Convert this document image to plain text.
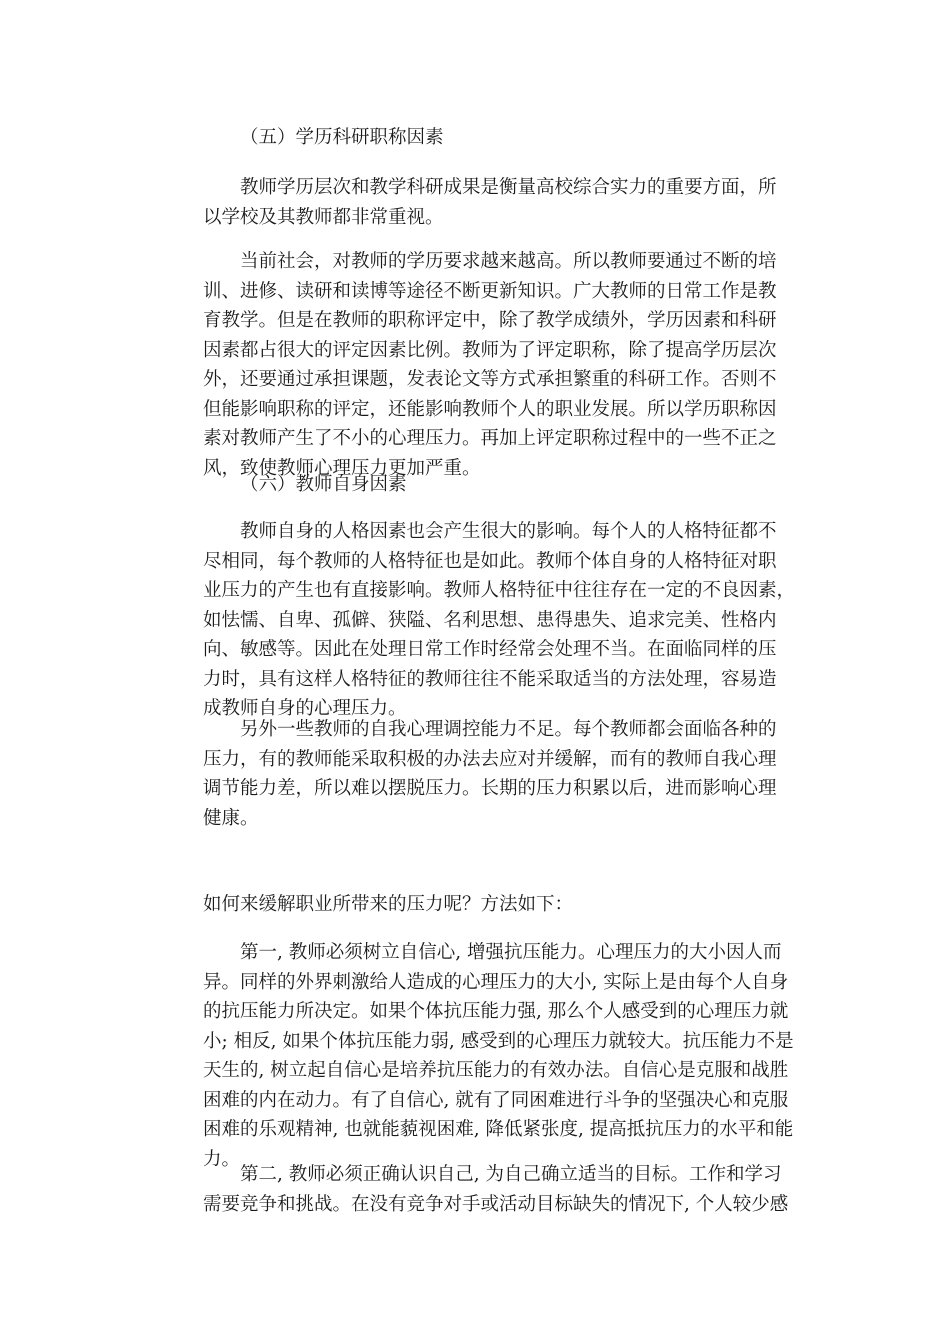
（五）学历科研职称因素

教师学历层次和教学科研成果是衡量高校综合实力的重要方面，所
以学校及其教师都非常重视。

当前社会，对教师的学历要求越来越高。所以教师要通过不断的培
训、进修、读研和读博等途径不断更新知识。广大教师的日常工作是教
育教学。但是在教师的职称评定中，除了教学成绩外，学历因素和科研
因素都占很大的评定因素比例。教师为了评定职称，除了提高学历层次
外，还要通过承担课题，发表论文等方式承担繁重的科研工作。否则不
但能影响职称的评定，还能影响教师个人的职业发展。所以学历职称因
素对教师产生了不小的心理压力。再加上评定职称过程中的一些不正之
风，致使教师心理压力更加严重。

（六）教师自身因素

教师自身的人格因素也会产生很大的影响。每个人的人格特征都不
尽相同，每个教师的人格特征也是如此。教师个体自身的人格特征对职
业压力的产生也有直接影响。教师人格特征中往往存在一定的不良因素，
如怯懦、自卑、孤僻、狭隘、名利思想、患得患失、追求完美、性格内
向、敏感等。因此在处理日常工作时经常会处理不当。在面临同样的压
力时，具有这样人格特征的教师往往不能采取适当的方法处理，容易造
成教师自身的心理压力。

另外一些教师的自我心理调控能力不足。每个教师都会面临各种的
压力，有的教师能采取积极的办法去应对并缓解，而有的教师自我心理
调节能力差，所以难以摆脱压力。长期的压力积累以后，进而影响心理
健康。

如何来缓解职业所带来的压力呢？方法如下：

第一, 教师必须树立自信心, 增强抗压能力。心理压力的大小因人而
异。同样的外界刺激给人造成的心理压力的大小, 实际上是由每个人自身
的抗压能力所决定。如果个体抗压能力强, 那么个人感受到的心理压力就
小; 相反, 如果个体抗压能力弱, 感受到的心理压力就较大。抗压能力不是
天生的, 树立起自信心是培养抗压能力的有效办法。自信心是克服和战胜
困难的内在动力。有了自信心, 就有了同困难进行斗争的坚强决心和克服
困难的乐观精神, 也就能藐视困难, 降低紧张度, 提高抵抗压力的水平和能
力。

第二, 教师必须正确认识自己, 为自己确立适当的目标。工作和学习
需要竞争和挑战。在没有竞争对手或活动目标缺失的情况下, 个人较少感
